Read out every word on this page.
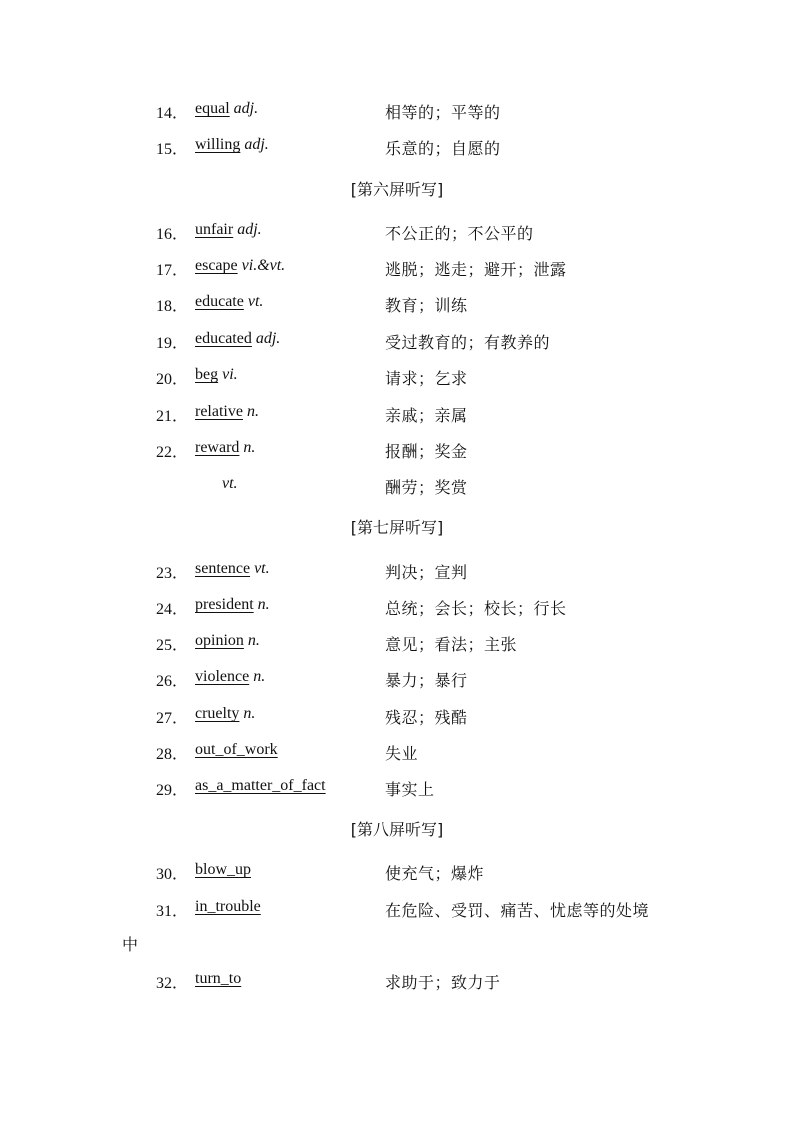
14． equal adj.	相等的；平等的
15． willing adj.	乐意的；自愿的
[第六屏听写]
16． unfair adj.	不公正的；不公平的
17． escape vi.&vt.	逃脱；逃走；避开；泄露
18． educate vt.	教育；训练
19． educated adj.	受过教育的；有教养的
20． beg vi.	请求；乞求
21． relative n.	亲戚；亲属
22． reward n.	报酬；奖金
vt.	酬劳；奖赏
[第七屏听写]
23． sentence vt.	判决；宣判
24． president n.	总统；会长；校长；行长
25． opinion n.	意见；看法；主张
26． violence n.	暴力；暴行
27． cruelty n.	残忍；残酷
28． out_of_work	失业
29． as_a_matter_of_fact	事实上
[第八屏听写]
30． blow_up	使充气；爆炸
31． in_trouble	在危险、受罚、痛苦、忧虑等的处境
中
32． turn_to	求助于；致力于
